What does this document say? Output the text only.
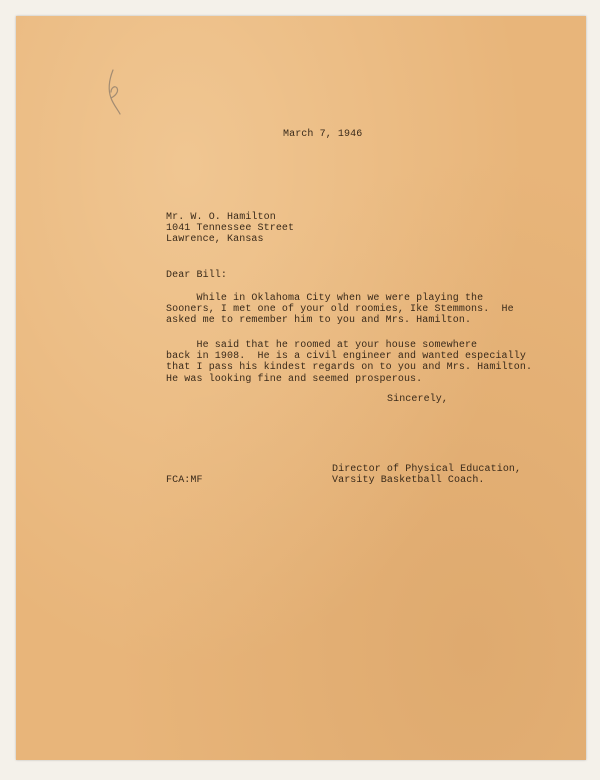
March 7, 1946

Mr. W. O. Hamilton
1041 Tennessee Street
Lawrence, Kansas

Dear Bill:

While in Oklahoma City when we were playing the
Sooners, I met one of your old roomies, Ike Stemmons.  He
asked me to remember him to you and Mrs. Hamilton.
He said that he roomed at your house somewhere
back in 1908.  He is a civil engineer and wanted especially
that I pass his kindest regards on to you and Mrs. Hamilton.
He was looking fine and seemed prosperous.

Sincerely,

Director of Physical Education,
Varsity Basketball Coach.

FCA:MF
